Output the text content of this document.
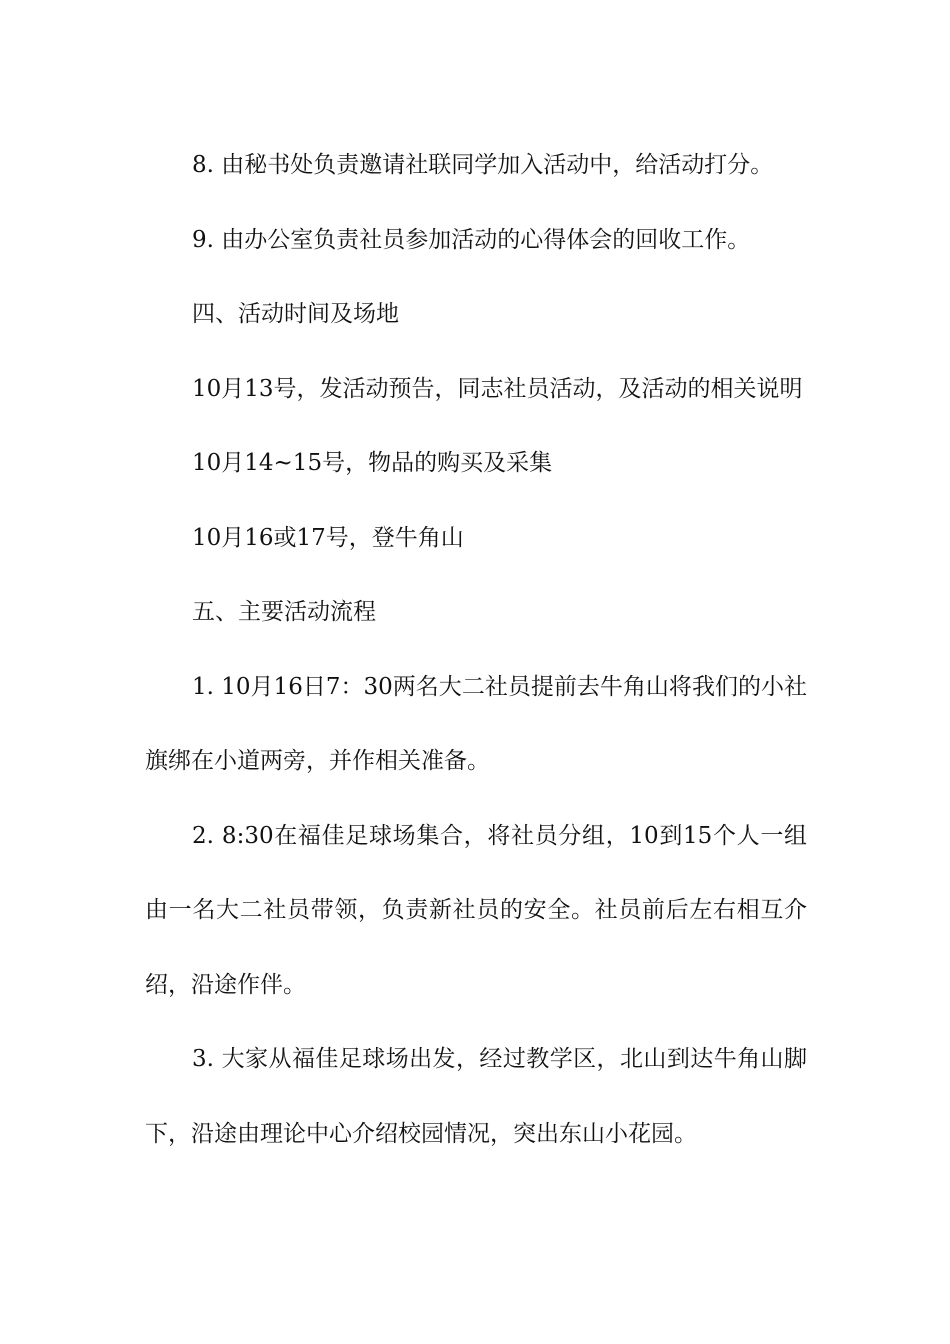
8. 由秘书处负责邀请社联同学加入活动中，给活动打分。

9. 由办公室负责社员参加活动的心得体会的回收工作。

四、活动时间及场地

10月13号，发活动预告，同志社员活动，及活动的相关说明

10月14~15号，物品的购买及采集

10月16或17号，登牛角山

五、主要活动流程

1. 10月16日7：30两名大二社员提前去牛角山将我们的小社旗绑在小道两旁，并作相关准备。

2. 8:30在福佳足球场集合，将社员分组，10到15个人一组由一名大二社员带领，负责新社员的安全。社员前后左右相互介绍，沿途作伴。

3. 大家从福佳足球场出发，经过教学区，北山到达牛角山脚下，沿途由理论中心介绍校园情况，突出东山小花园。
